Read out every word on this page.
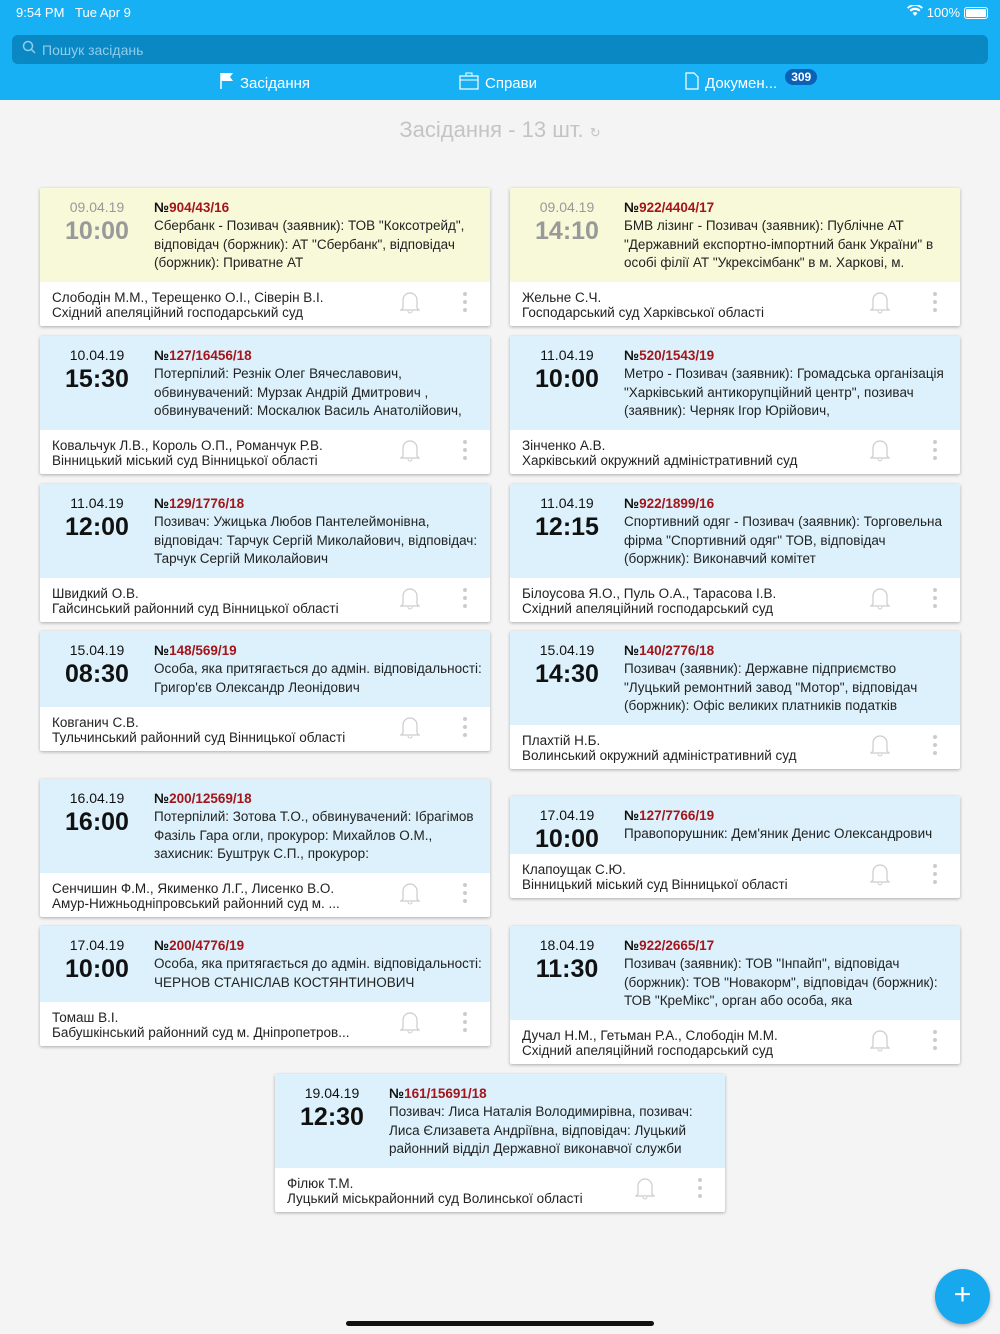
9:54 PM Tue Apr 9	100%
Пошук засідань
Засідання	Справи	Докумен...	309
Засідання - 13 шт. ↻
09.04.19
10:00
№904/43/16
Сбербанк - Позивач (заявник): ТОВ "Коксотрейд", відповідач (боржник): АТ "Сбербанк", відповідач (боржник): Приватне АТ
Слободін М.М., Терещенко О.І., Сіверін В.І.
Східний апеляційний господарський суд
09.04.19
14:10
№922/4404/17
БМВ лізинг - Позивач (заявник): Публічне АТ "Державний експортно-імпортний банк України" в особі філії АТ "Укрексімбанк" в м. Харкові, м.
Жельне С.Ч.
Господарський суд Харківської області
10.04.19
15:30
№127/16456/18
Потерпілий: Резнік Олег Вячеславович, обвинувачений: Мурзак Андрій Дмитрович , обвинувачений: Москалюк Василь Анатолійович,
Ковальчук Л.В., Король О.П., Романчук Р.В.
Вінницький міський суд Вінницької області
11.04.19
10:00
№520/1543/19
Метро - Позивач (заявник): Громадська організація "Харківський антикорупційний центр", позивач (заявник): Черняк Ігор Юрійович,
Зінченко А.В.
Харківський окружний адміністративний суд
11.04.19
12:00
№129/1776/18
Позивач: Ужицька Любов Пантелеймонівна, відповідач: Тарчук Сергій Миколайович, відповідач: Тарчук Сергій Миколайович
Швидкий О.В.
Гайсинський районний суд Вінницької області
11.04.19
12:15
№922/1899/16
Спортивний одяг - Позивач (заявник): Торговельна фірма "Спортивний одяг" ТОВ, відповідач (боржник): Виконавчий комітет
Білоусова Я.О., Пуль О.А., Тарасова І.В.
Східний апеляційний господарський суд
15.04.19
08:30
№148/569/19
Особа, яка притягається до адмін. відповідальності: Григор'єв Олександр Леонідович
Ковганич С.В.
Тульчинський районний суд Вінницької області
15.04.19
14:30
№140/2776/18
Позивач (заявник): Державне підприємство "Луцький ремонтний завод "Мотор", відповідач (боржник): Офіс великих платників податків
Плахтій Н.Б.
Волинський окружний адміністративний суд
16.04.19
16:00
№200/12569/18
Потерпілий: Зотова Т.О., обвинувачений: Ібрагімов Фазіль Гара огли, прокурор: Михайлов О.М., захисник: Буштрук С.П., прокурор:
Сенчишин Ф.М., Якименко Л.Г., Лисенко В.О.
Амур-Нижньодніпровський районний суд м. ...
17.04.19
10:00
№127/7766/19
Правопорушник: Дем'яник Денис Олександрович
Клапоущак С.Ю.
Вінницький міський суд Вінницької області
17.04.19
10:00
№200/4776/19
Особа, яка притягається до адмін. відповідальності: ЧЕРНОВ СТАНІСЛАВ КОСТЯНТИНОВИЧ
Томаш В.І.
Бабушкінський районний суд м. Дніпропетров...
18.04.19
11:30
№922/2665/17
Позивач (заявник): ТОВ "Інпайп", відповідач (боржник): ТОВ "Новакорм", відповідач (боржник): ТОВ "КреМікс", орган або особа, яка
Дучал Н.М., Гетьман Р.А., Слободін М.М.
Східний апеляційний господарський суд
19.04.19
12:30
№161/15691/18
Позивач: Лиса Наталія Володимирівна, позивач: Лиса Єлизавета Андріївна, відповідач: Луцький районний відділ Державної виконавчої служби
Філюк Т.М.
Луцький міськрайонний суд Волинської області
+
